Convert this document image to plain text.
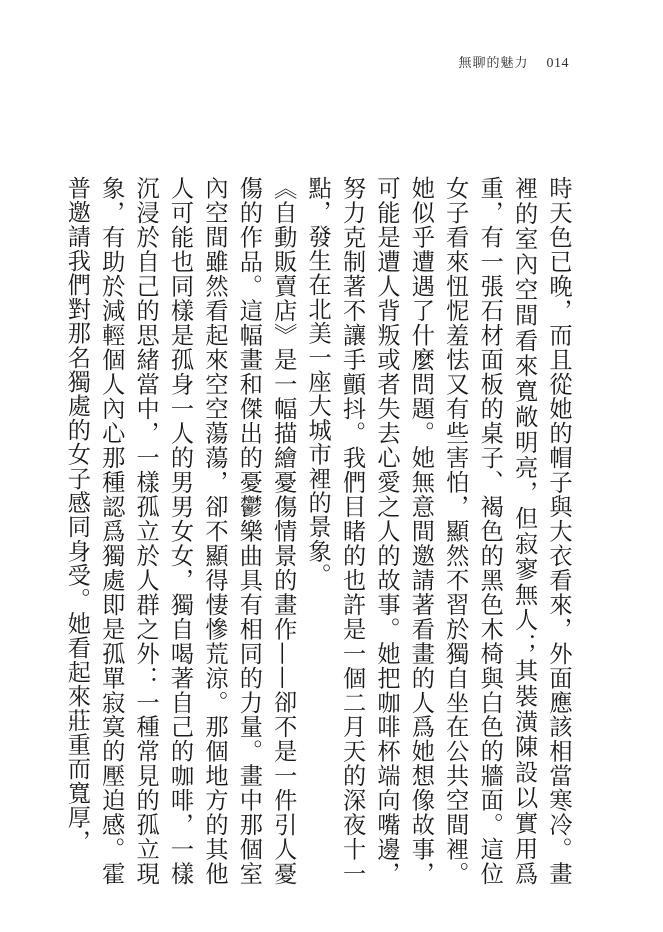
無聊的魅力 014

時天色已晚，而且從她的帽子與大衣看來，外面應該相當寒冷。畫裡的室內空間看來寬敞明亮，但寂寥無人；其裝潢陳設以實用爲重，有一張石材面板的桌子、褐色的黑色木椅與白色的牆面。這位女子看來忸怩羞怯又有些害怕，顯然不習於獨自坐在公共空間裡。她似乎遭遇了什麼問題。她無意間邀請著看畫的人爲她想像故事，可能是遭人背叛或者失去心愛之人的故事。她把咖啡杯端向嘴邊，努力克制著不讓手顫抖。我們目睹的也許是一個二月天的深夜十一點，發生在北美一座大城市裡的景象。

《自動販賣店》是一幅描繪憂傷情景的畫作——卻不是一件引人憂傷的作品。這幅畫和傑出的憂鬱樂曲具有相同的力量。畫中那個室內空間雖然看起來空空蕩蕩，卻不顯得悽慘荒涼。那個地方的其他人可能也同樣是孤身一人的男男女女，獨自喝著自己的咖啡，一樣沉浸於自己的思緒當中，一樣孤立於人群之外：一種常見的孤立現象，有助於減輕個人內心那種認爲獨處即是孤單寂寞的壓迫感。霍普邀請我們對那名獨處的女子感同身受。她看起來莊重而寬厚，
